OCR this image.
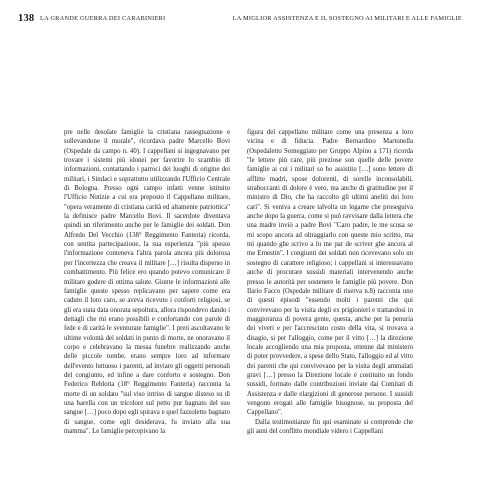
138 LA GRANDE GUERRA DEI CARABINIERI	LA MIGLIOR ASSISTENZA E IL SOSTEGNO AI MILITARI E ALLE FAMIGLIE

pre nelle desolate famiglie la cristiana rassegnazione e sollevandone il morale", ricordava padre Marcello Bovi (Ospedale da campo n. 40). I cappellani si ingegnavano per trovare i sistemi più idonei per favorire lo scambio di informazioni, contattando i parroci dei luoghi di origine dei militari, i Sindaci e soprattutto utilizzando l'Ufficio Centrale di Bologna. Presso ogni campo infatti venne istituito l'Ufficio Notizie a cui era preposto il Cappellano militare, "opera veramente di cristiana carità ed altamente patriottica" la definisce padre Marcello Bovi. Il sacerdote diventava quindi un riferimento anche per le famiglie dei soldati. Don Alfredo Del Vecchio (138° Reggimento Fanteria) ricorda, con sentita partecipazione, la sua esperienza "più spesso l'informazione conteneva l'altra parola ancora più dolorosa per l'incertezza che creava il militare […] risulta disperso in combattimento. Più felice ero quando potevo comunicare il militare godere di ottima salute. Giunte le informazioni alle famiglie queste spesso replicavano per sapere come era caduto il loro caro, se aveva ricevuto i conforti religiosi, se gli era stata data onorata sepoltura, allora rispondevo dando i dettagli che mi erano possibili e confortando con parole di fede e di carità le sventurate famiglie". I preti ascoltavano le ultime volontà dei soldati in punto di morte, ne onoravano il corpo e celebravano la messa funebre realizzando anche delle piccole tombe, erano sempre loro ad informare dell'evento luttuoso i parenti, ad inviare gli oggetti personali del congiunto, ed infine a dare conforto e sostegno. Don Federico Reblotta (18° Reggimento Fanteria) racconta la morte di un soldato "sul viso intriso di sangue disteso su di una barella con un tricolore sul petto pur bagnato del suo sangue […] poco dopo egli spirava e quel fazzoletto bagnato di sangue, come egli desiderava, fu inviato alla sua mamma". Le famiglie percepivano la

figura del cappellano militare come una presenza a loro vicina e di fiducia. Padre Bernardino Martonella (Ospedaletto Someggiato per Gruppo Alpino a 171) ricorda "le lettere più care, più preziose son quelle delle povere famiglie ai cui i militari so ho assistito […] sono lettere di afflitte madri, spose dolorenti, di sorelle inconsolabili, straboccanti di dolore è vero, ma anche di gratitudine per il ministro di Dio, che ha raccolto gli ultimi aneliti dei loro cari". Si veniva a creare talvolta un legame che proseguiva anche dopo la guerra, come si può ravvisare dalla lettera che una madre inviò a padre Bovi "Caro padre, le me scusa se mi scopo ancora ad oltraggiarlo con queste mio scritto, ma mi quando ghe scrivo a lu me par de scriver ghe ancora al me Ernestin". I congiunti dei soldati non ricevevano solo un sostegno di carattere religioso; i cappellani si interessavano anche di procurare sussidi materiali intervenendo anche presso le autorità per sostenere le famiglie più povere. Don Ilario Facco (Ospedale militare di riserva n.8) racconta uno di questi episodi "essendo molti i parenti che qui convivevano per la visita degli ex prigionieri e trattandosi in maggioranza di povera gente, questa, anche per la penuria dei viveri e per l'accresciuto costo della vita, si trovava a disagio, si per l'alloggio, come per il vitto […] la direzione locale accogliendo una mia proposta, ottenne dal ministero di poter provvedere, a spese dello Stato, l'alloggio ed al vitto dei parenti che qui convivevano per la visita degli ammalati gravi […] presso la Direzione locale è costituito un fondo sussidi, formato dalle contribuzioni inviate dai Comitati di Assistenza e dalle elargizioni di generose persone. I sussidi vengono erogati alle famiglie bisognose, su proposta del Cappellano".

Dalla testimonianze fin qui esaminate si comprende che gli anni del conflitto mondiale videro i Cappellani
